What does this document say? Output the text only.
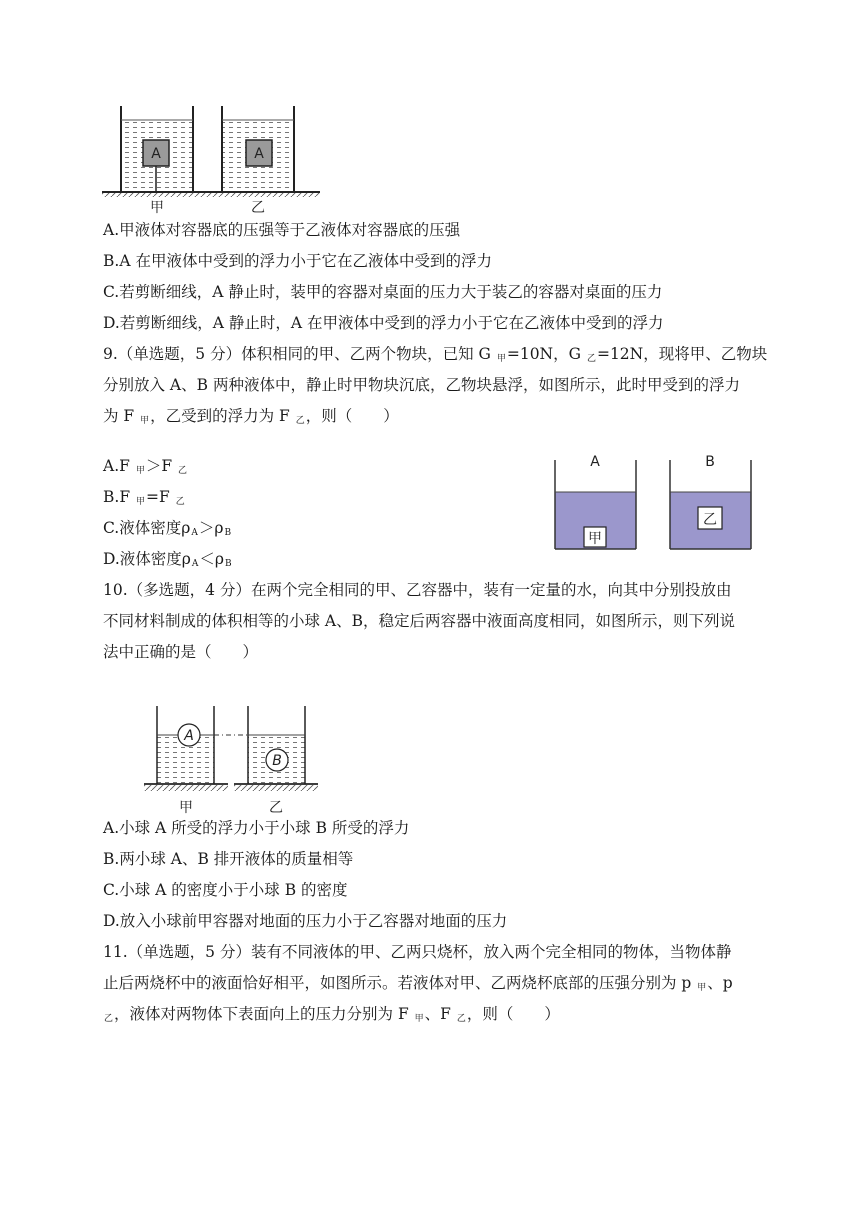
A	A
甲	乙
A.甲液体对容器底的压强等于乙液体对容器底的压强
B.A 在甲液体中受到的浮力小于它在乙液体中受到的浮力
C.若剪断细线，A 静止时，装甲的容器对桌面的压力大于装乙的容器对桌面的压力
D.若剪断细线，A 静止时，A 在甲液体中受到的浮力小于它在乙液体中受到的浮力
9.（单选题，5 分）体积相同的甲、乙两个物块，已知 G $_甲$=10N，G $_乙$=12N，现将甲、乙物块
分别放入 A、B 两种液体中，静止时甲物块沉底，乙物块悬浮，如图所示，此时甲受到的浮力
为 F $_甲$，乙受到的浮力为 F $_乙$，则（　　）
A.F $_甲$＞F $_乙$
B.F $_甲$=F $_乙$
C.液体密度$\rho_A>\rho_B$
D.液体密度$\rho_A<\rho_B$
甲
A
乙
B
10.（多选题，4 分）在两个完全相同的甲、乙容器中，装有一定量的水，向其中分别投放由
不同材料制成的体积相等的小球 A、B，稳定后两容器中液面高度相同，如图所示，则下列说
法中正确的是（　　）
A
B
甲	乙
A.小球 A 所受的浮力小于小球 B 所受的浮力
B.两小球 A、B 排开液体的质量相等
C.小球 A 的密度小于小球 B 的密度
D.放入小球前甲容器对地面的压力小于乙容器对地面的压力
11.（单选题，5 分）装有不同液体的甲、乙两只烧杯，放入两个完全相同的物体，当物体静
止后两烧杯中的液面恰好相平，如图所示。若液体对甲、乙两烧杯底部的压强分别为 p $_甲$、p
$_乙$，液体对两物体下表面向上的压力分别为 F $_甲$、F $_乙$，则（　　）
